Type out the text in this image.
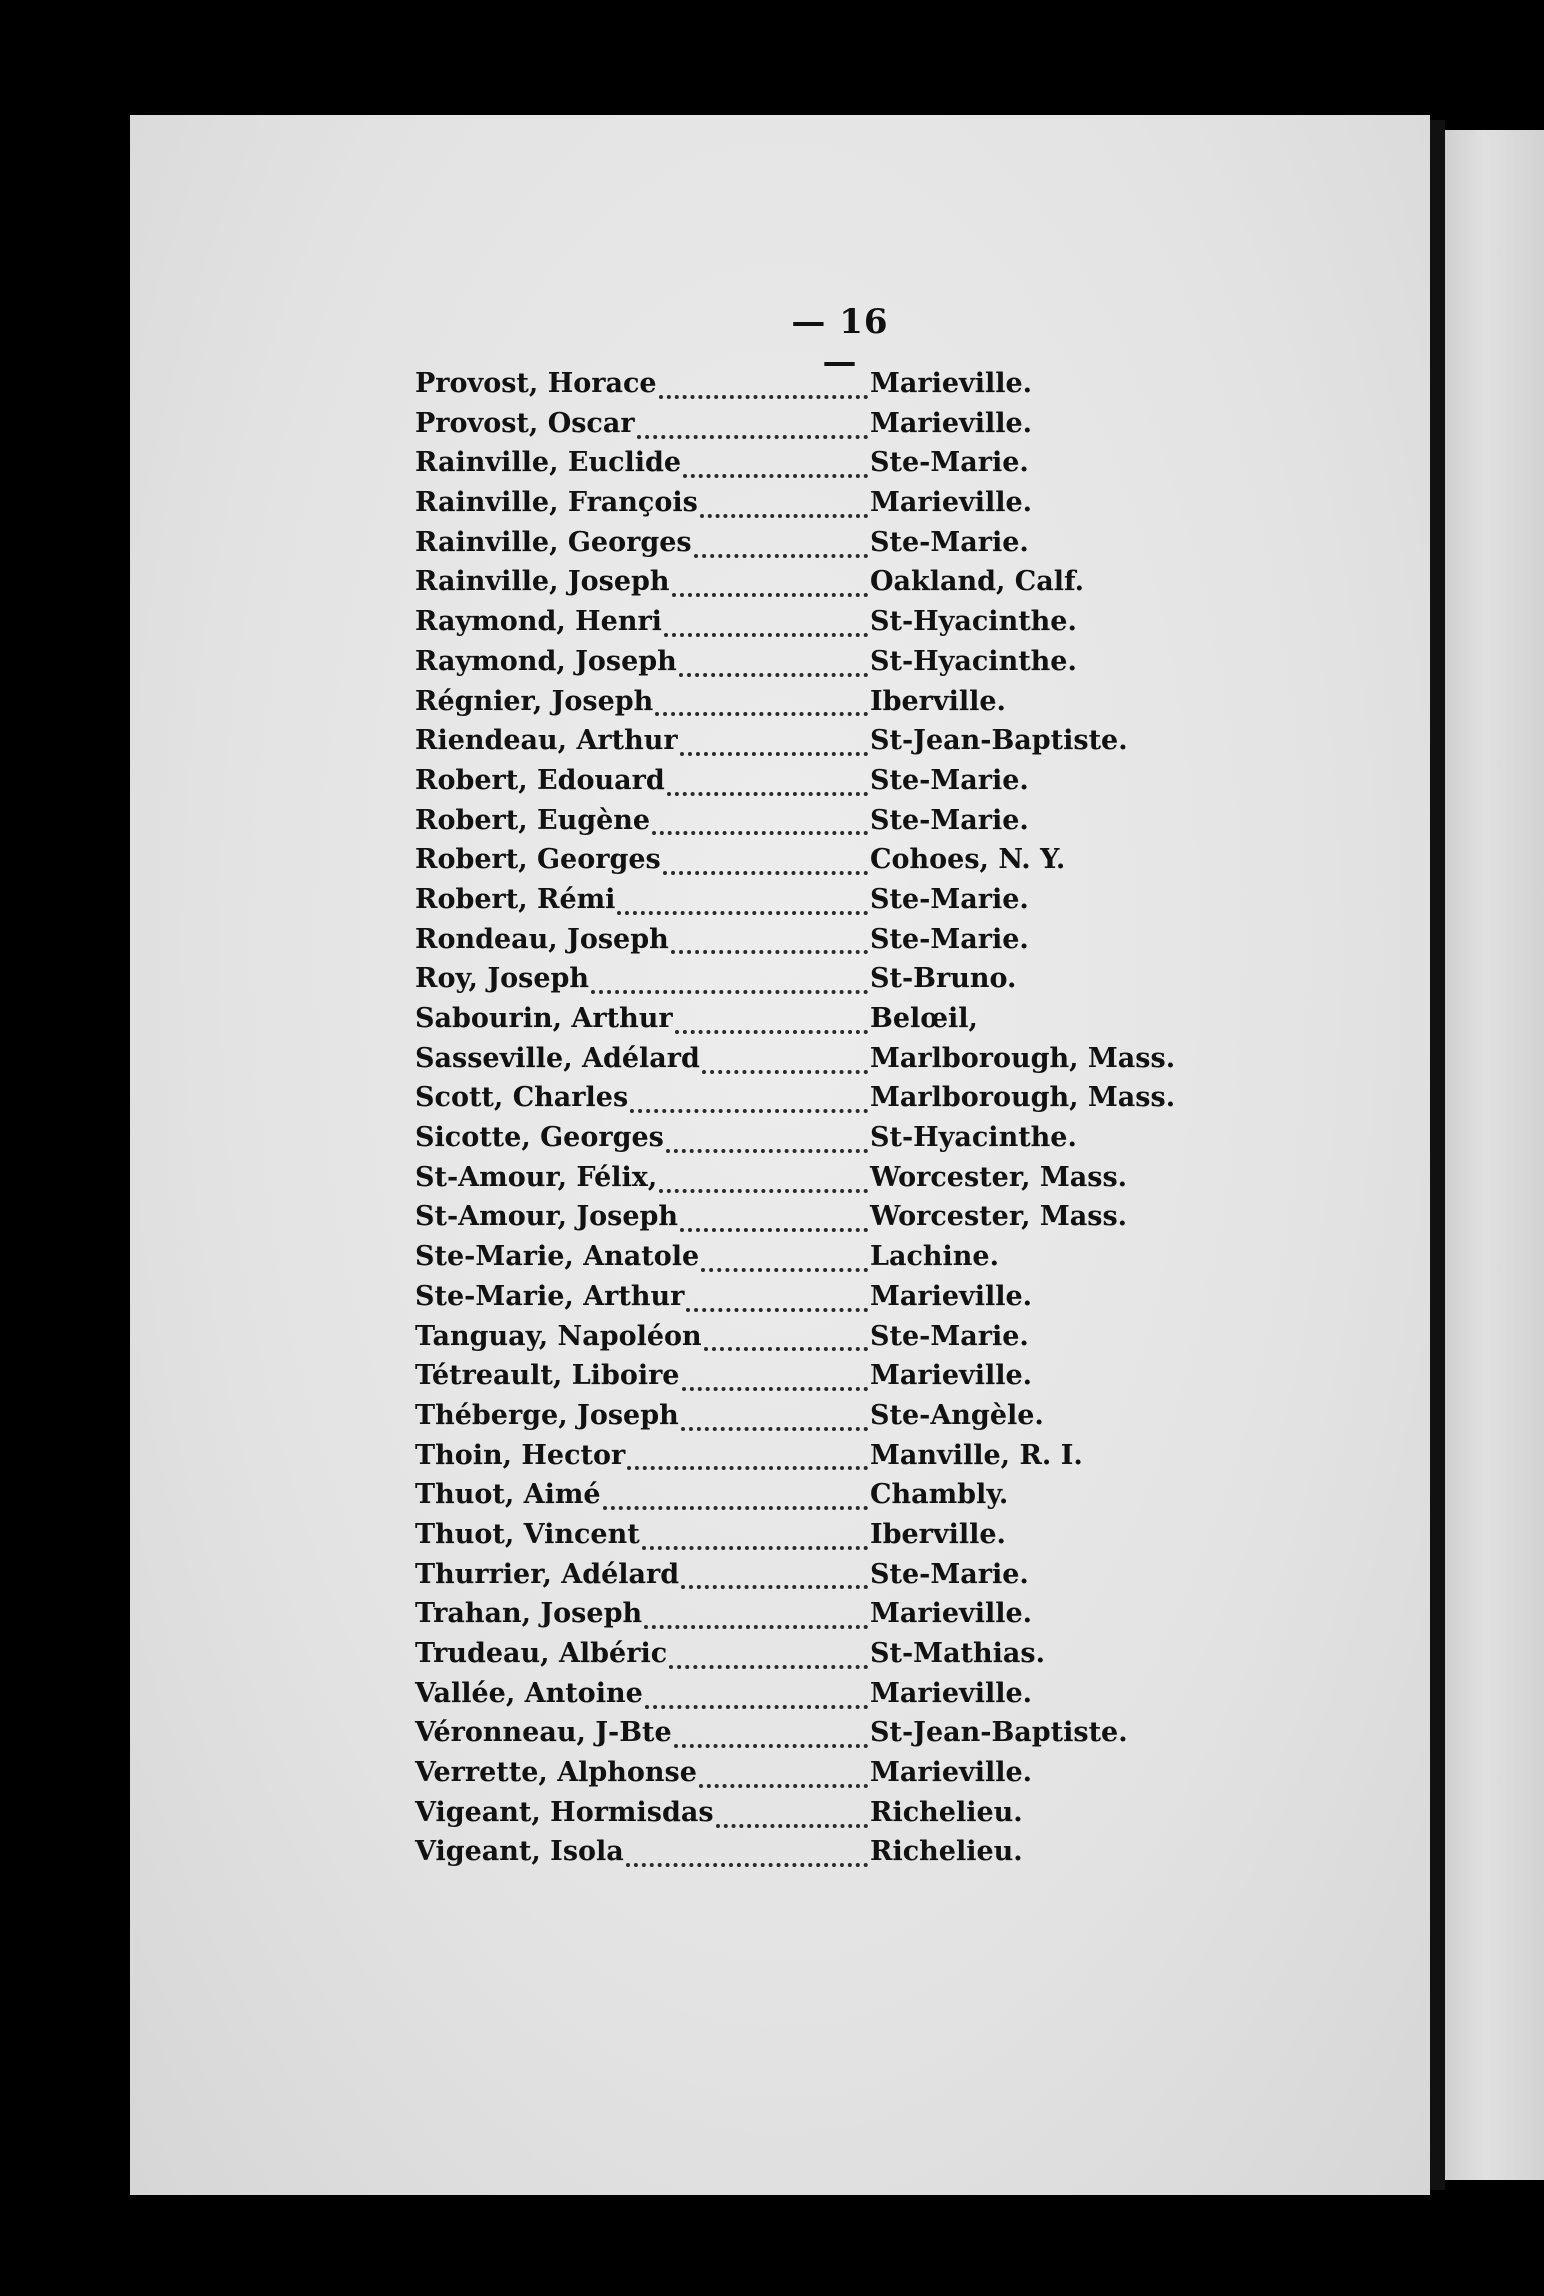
— 16 —
Provost, Horace	Marieville.
Provost, Oscar	Marieville.
Rainville, Euclide	Ste-Marie.
Rainville, François	Marieville.
Rainville, Georges	Ste-Marie.
Rainville, Joseph	Oakland, Calf.
Raymond, Henri	St-Hyacinthe.
Raymond, Joseph	St-Hyacinthe.
Régnier, Joseph	Iberville.
Riendeau, Arthur	St-Jean-Baptiste.
Robert, Edouard	Ste-Marie.
Robert, Eugène	Ste-Marie.
Robert, Georges	Cohoes, N. Y.
Robert, Rémi	Ste-Marie.
Rondeau, Joseph	Ste-Marie.
Roy, Joseph	St-Bruno.
Sabourin, Arthur	Belœil,
Sasseville, Adélard	Marlborough, Mass.
Scott, Charles	Marlborough, Mass.
Sicotte, Georges	St-Hyacinthe.
St-Amour, Félix,	Worcester, Mass.
St-Amour, Joseph	Worcester, Mass.
Ste-Marie, Anatole	Lachine.
Ste-Marie, Arthur	Marieville.
Tanguay, Napoléon	Ste-Marie.
Tétreault, Liboire	Marieville.
Théberge, Joseph	Ste-Angèle.
Thoin, Hector	Manville, R. I.
Thuot, Aimé	Chambly.
Thuot, Vincent	Iberville.
Thurrier, Adélard	Ste-Marie.
Trahan, Joseph	Marieville.
Trudeau, Albéric	St-Mathias.
Vallée, Antoine	Marieville.
Véronneau, J-Bte	St-Jean-Baptiste.
Verrette, Alphonse	Marieville.
Vigeant, Hormisdas	Richelieu.
Vigeant, Isola	Richelieu.
